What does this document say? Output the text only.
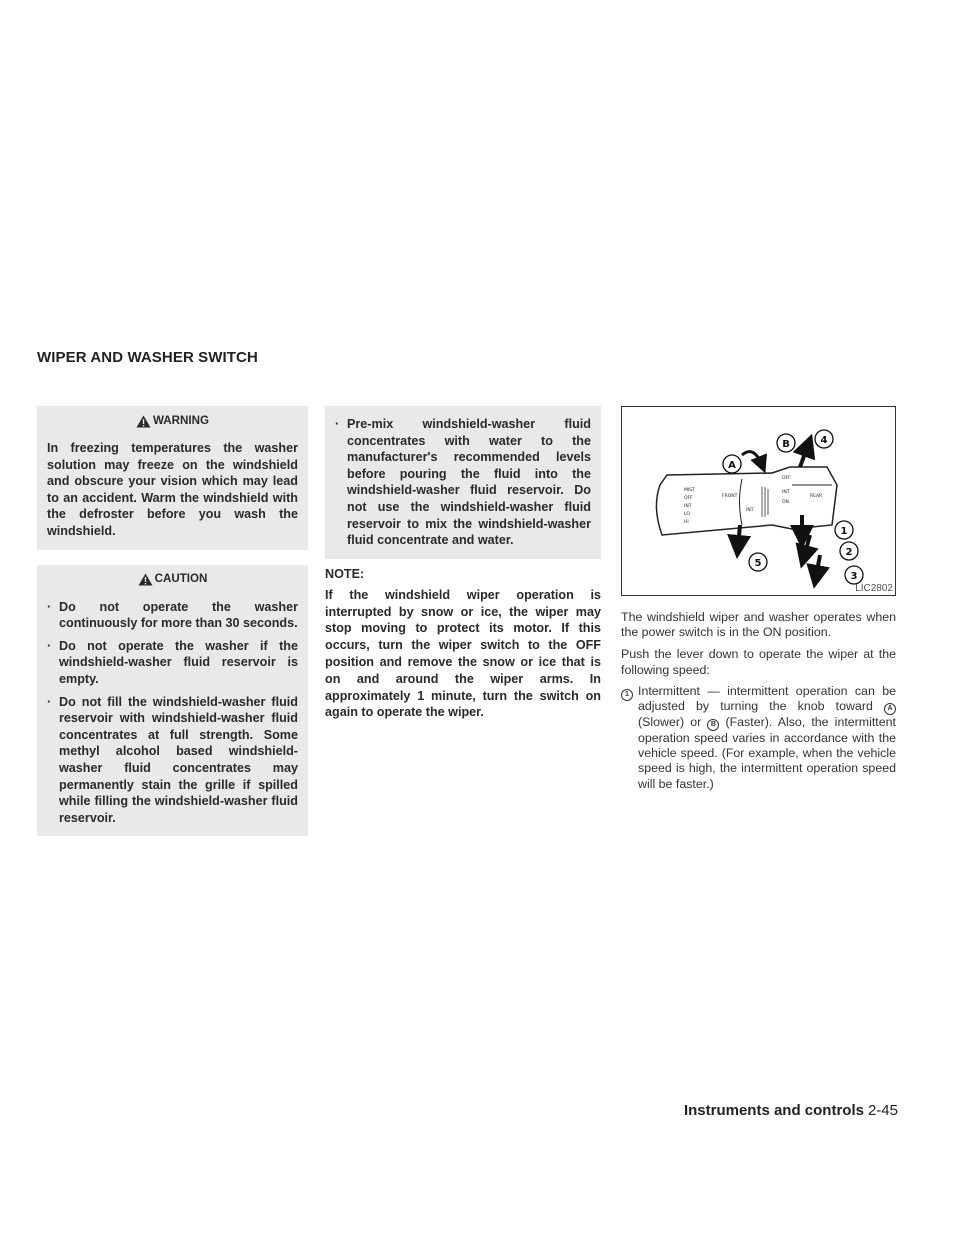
WIPER AND WASHER SWITCH
WARNING

In freezing temperatures the washer solution may freeze on the windshield and obscure your vision which may lead to an accident. Warm the windshield with the defroster before you wash the windshield.

CAUTION
· Do not operate the washer continuously for more than 30 seconds.
· Do not operate the washer if the windshield-washer fluid reservoir is empty.
· Do not fill the windshield-washer fluid reservoir with windshield-washer fluid concentrates at full strength. Some methyl alcohol based windshield-washer fluid concentrates may permanently stain the grille if spilled while filling the windshield-washer fluid reservoir.
· Pre-mix windshield-washer fluid concentrates with water to the manufacturer's recommended levels before pouring the fluid into the windshield-washer fluid reservoir. Do not use the windshield-washer fluid reservoir to mix the windshield-washer fluid concentrate and water.
NOTE:

If the windshield wiper operation is interrupted by snow or ice, the wiper may stop moving to protect its motor. If this occurs, turn the wiper switch to the OFF position and remove the snow or ice that is on and around the wiper arms. In approximately 1 minute, turn the switch on again to operate the wiper.

MIST
OFF
INT
LO
HI
FRONT
INT
OFF
INT
ON
REAR
A
B
1
2
3
4
5
LIC2802

The windshield wiper and washer operates when the power switch is in the ON position.

Push the lever down to operate the wiper at the following speed:

1 Intermittent — intermittent operation can be adjusted by turning the knob toward A (Slower) or B (Faster). Also, the intermittent operation speed varies in accordance with the vehicle speed. (For example, when the vehicle speed is high, the intermittent operation speed will be faster.)

Instruments and controls 2-45
